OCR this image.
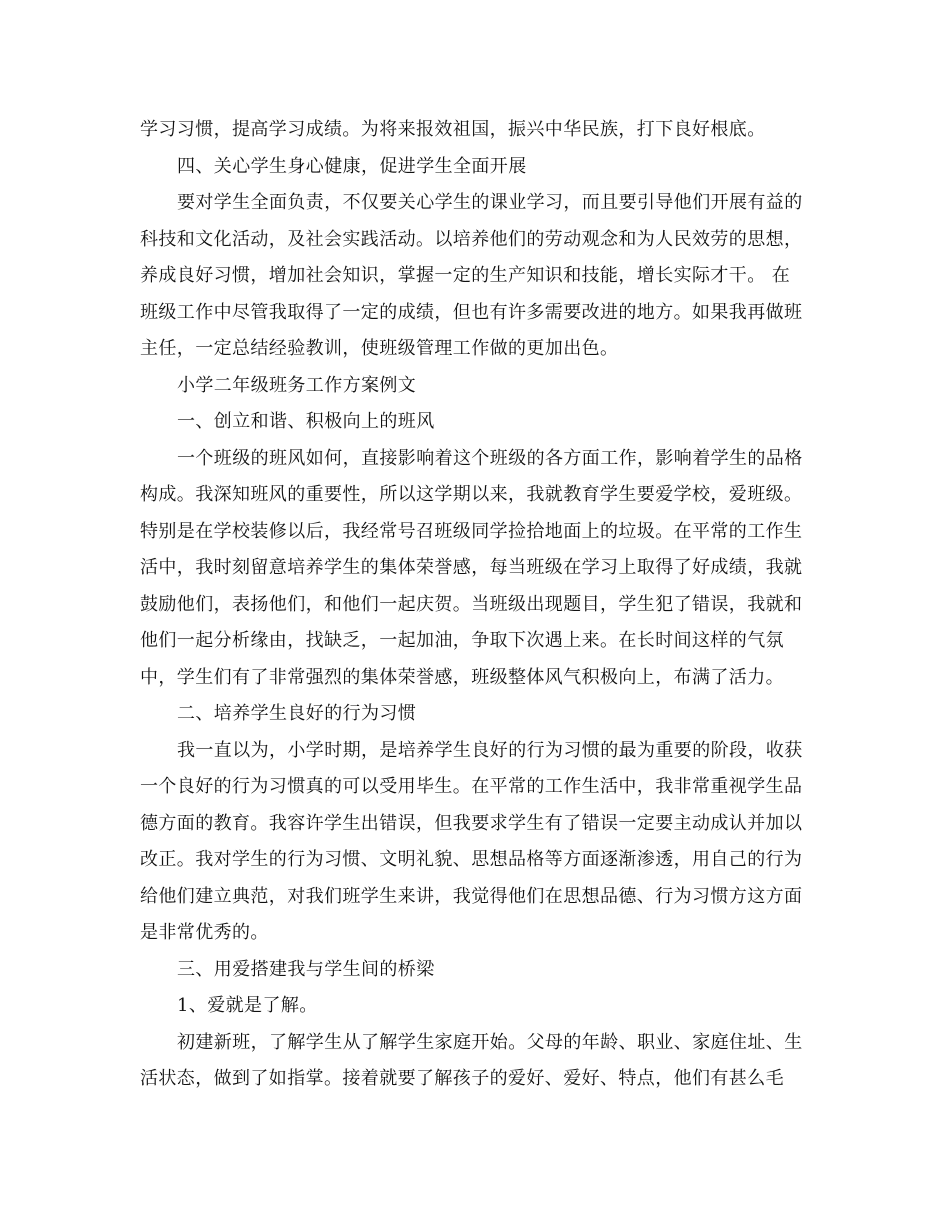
学习习惯，提高学习成绩。为将来报效祖国，振兴中华民族，打下良好根底。
四、关心学生身心健康，促进学生全面开展
要对学生全面负责，不仅要关心学生的课业学习，而且要引导他们开展有益的
科技和文化活动，及社会实践活动。以培养他们的劳动观念和为人民效劳的思想，
养成良好习惯，增加社会知识，掌握一定的生产知识和技能，增长实际才干。 在
班级工作中尽管我取得了一定的成绩，但也有许多需要改进的地方。如果我再做班
主任，一定总结经验教训，使班级管理工作做的更加出色。
小学二年级班务工作方案例文
一、创立和谐、积极向上的班风
一个班级的班风如何，直接影响着这个班级的各方面工作，影响着学生的品格
构成。我深知班风的重要性，所以这学期以来，我就教育学生要爱学校，爱班级。
特别是在学校装修以后，我经常号召班级同学捡拾地面上的垃圾。在平常的工作生
活中，我时刻留意培养学生的集体荣誉感，每当班级在学习上取得了好成绩，我就
鼓励他们，表扬他们，和他们一起庆贺。当班级出现题目，学生犯了错误，我就和
他们一起分析缘由，找缺乏，一起加油，争取下次遇上来。在长时间这样的气氛
中，学生们有了非常强烈的集体荣誉感，班级整体风气积极向上，布满了活力。
二、培养学生良好的行为习惯
我一直以为，小学时期，是培养学生良好的行为习惯的最为重要的阶段，收获
一个良好的行为习惯真的可以受用毕生。在平常的工作生活中，我非常重视学生品
德方面的教育。我容许学生出错误，但我要求学生有了错误一定要主动成认并加以
改正。我对学生的行为习惯、文明礼貌、思想品格等方面逐渐渗透，用自己的行为
给他们建立典范，对我们班学生来讲，我觉得他们在思想品德、行为习惯方这方面
是非常优秀的。
三、用爱搭建我与学生间的桥梁
1、爱就是了解。
初建新班，了解学生从了解学生家庭开始。父母的年龄、职业、家庭住址、生
活状态，做到了如指掌。接着就要了解孩子的爱好、爱好、特点，他们有甚么毛
